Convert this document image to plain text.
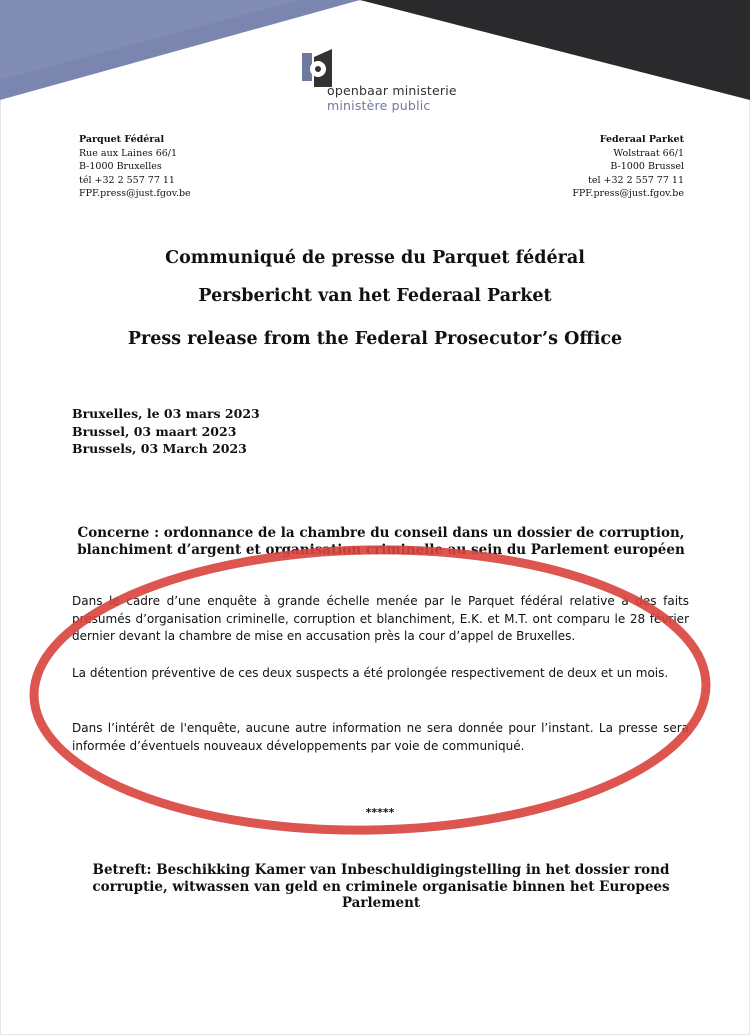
openbaar ministerie
ministère public
Parquet Fédéral
Rue aux Laines 66/1
B-1000 Bruxelles
tél +32 2 557 77 11
FPF.press@just.fgov.be
Federaal Parket
Wolstraat 66/1
B-1000 Brussel
tel +32 2 557 77 11
FPF.press@just.fgov.be
Communiqué de presse du Parquet fédéral
Persbericht van het Federaal Parket
Press release from the Federal Prosecutor’s Office
Bruxelles, le 03 mars 2023
Brussel, 03 maart 2023
Brussels, 03 March 2023
Concerne : ordonnance de la chambre du conseil dans un dossier de corruption, blanchiment d’argent et organisation criminelle au sein du Parlement européen
Dans le cadre d’une enquête à grande échelle menée par le Parquet fédéral relative à des faits présumés d’organisation criminelle, corruption et blanchiment, E.K. et M.T. ont comparu le 28 février dernier devant la chambre de mise en accusation près la cour d’appel de Bruxelles.
La détention préventive de ces deux suspects a été prolongée respectivement de deux et un mois.
Dans l’intérêt de l'enquête, aucune autre information ne sera donnée pour l’instant. La presse sera informée d’éventuels nouveaux développements par voie de communiqué.
*****
Betreft: Beschikking Kamer van Inbeschuldigingstelling in het dossier rond corruptie, witwassen van geld en criminele organisatie binnen het Europees Parlement
